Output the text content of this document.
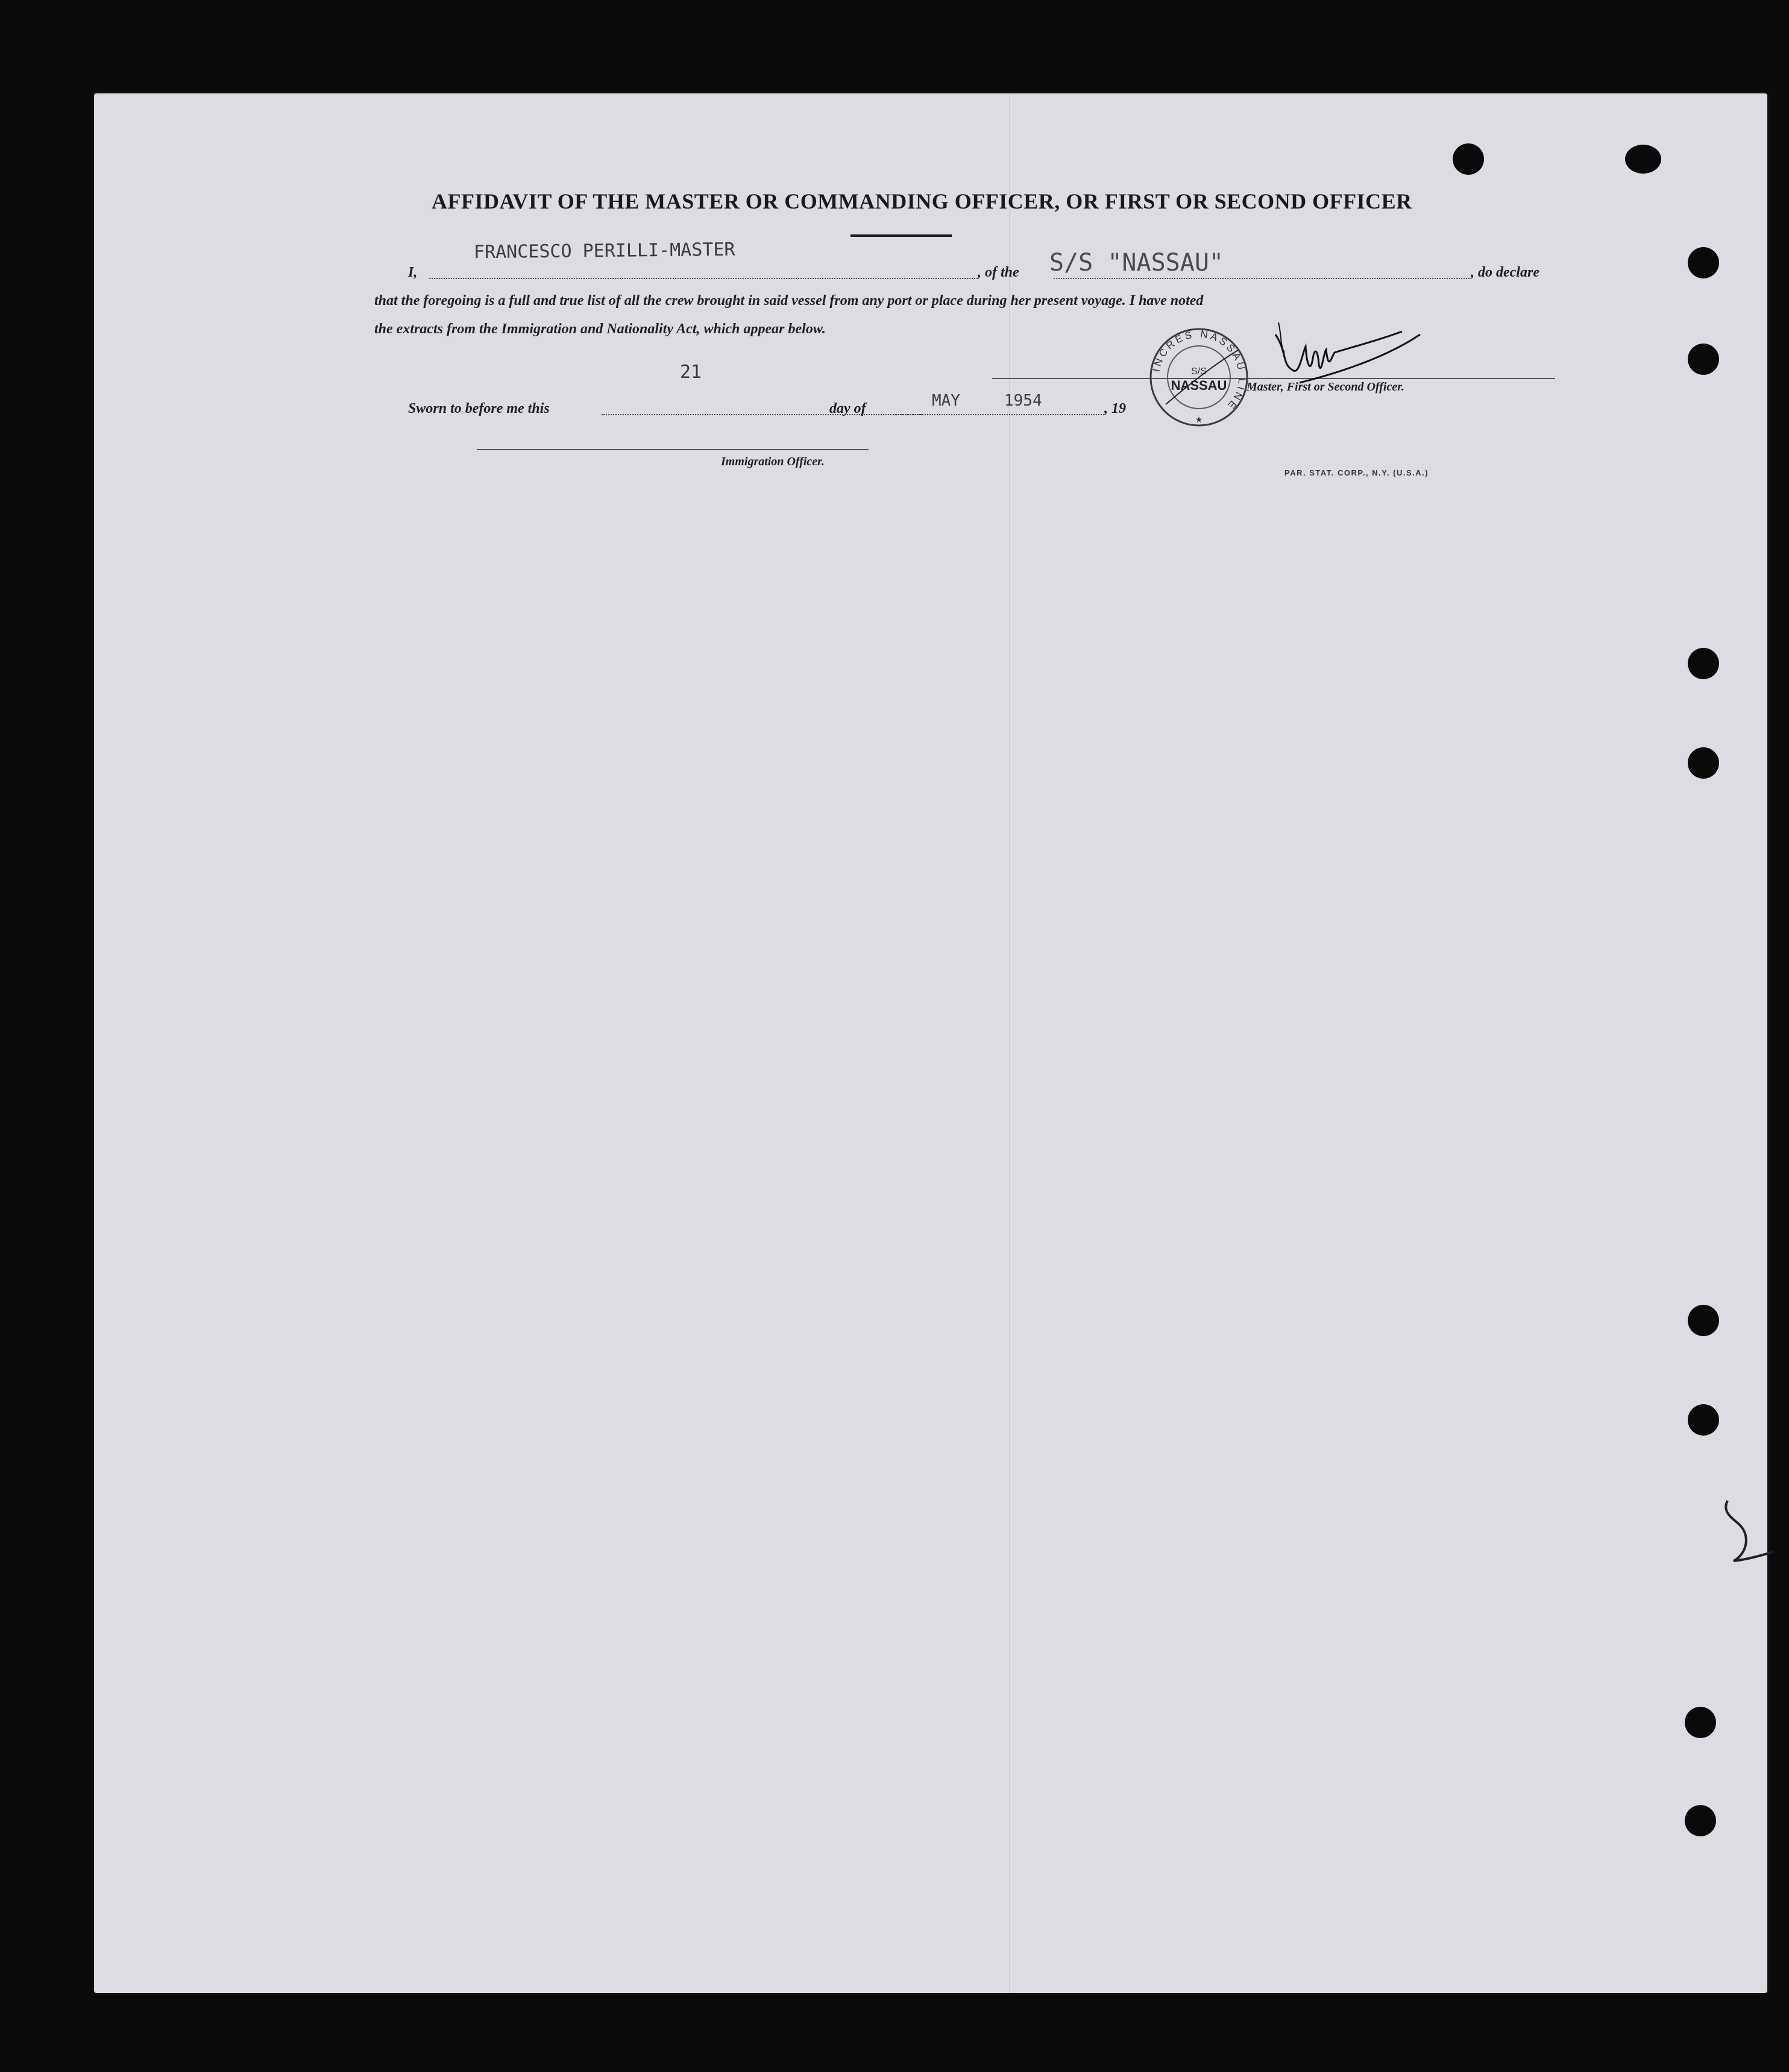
AFFIDAVIT OF THE MASTER OR COMMANDING OFFICER, OR FIRST OR SECOND OFFICER
I,
FRANCESCO PERILLI-MASTER
, of the S/S "NASSAU"	, do declare
that the foregoing is a full and true list of all the crew brought in said vessel from any port or place during her present voyage. I have noted
the extracts from the Immigration and Nationality Act, which appear below.
21
Master, First or Second Officer.
Sworn to before me this	day of	MAY	1954	, 19
Immigration Officer.
PAR. STAT. CORP., N.Y. (U.S.A.)
INCRES NASSAU LINE
S/S
NASSAU
★
